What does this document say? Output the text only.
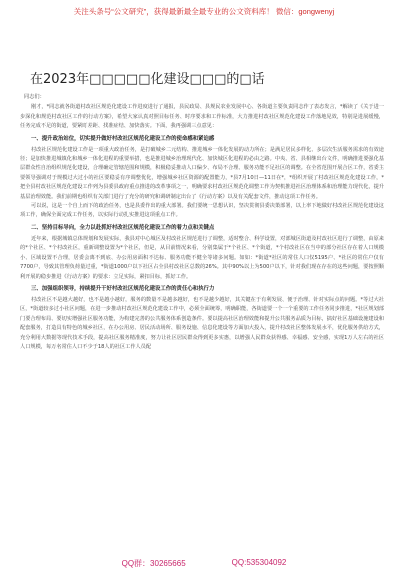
关注头条号“公文研究”，获得最新最全最专业的公文资料库！ 微信：gongwenyj
在2023年□□□□□化建设□□□的□话
同志们：

刚才，*同志就各街道村改社区规范化建设工作进度进行了通报，县民政局、县规民农业发展中心、各街道主要负责同志作了表态发言，*解读了《关于进一步深化和规范村改社区工作的行动方案》，希望大家认真对照目标任务、时序要求和工作标准，大力推进村改社区规范化建设工作落地见效，特别是进展缓慢，任务完成不足的街道，要紧盯差距、找准症结、加快落实。下面，我再强调三点意见：

一、提升政治站位，切实提升做好村改社区规范化建设工作的使命感和紧迫感

村改社区规范化建设工作是一项重大政治任务，是打破城乡二元结构、推进城乡一体化发展的动力所在；是满足居民多样化、多层次生活服务需求的有效途径；是加快推进城镇化和城乡一体化进程的重要举措，也是推进城乡治理现代化、加快城区化进程的必由之路。中央、省、县相继出台文件，明确推进要强化基层群众性自治组织规范化建设，合理确定管辖范围和规模，积极稳妥推动人口偏少、布局不合理、服务功能不足社区的调整。在全省范围开展合区工作，省委主要领导强调对于规模过大过小的社区要稳妥有序调整优化，增强城乡社区资源的配置能力，*县7月10日—11日在*，*组织开展了村改社区规范化建设工作，*把全县村改社区规范化建设工作列为县委县政府重点推进的改革事项之一，明确要求村改社区规范化调整工作为契机推进社区治理体系和治理能力现代化，提升基层治理效能。我们前期也组织有关部门进行了充分的研究和调研制定出台了《行动方案》以及有关配套文件，推动这项工作任务。

可以说，这是一个自上而下的政治任务，也是县委作出的重大部署。我们要统一思想认识，坚决贯彻县委决策部署，以上率下地做好村改社区规范化建设这项工作，确保全面完成工作任务，以实际行动扎实推进这项重点工作。

二、坚持目标导向，全力以赴抓好村改社区规范化建设工作的着力点和关键点

近年来，根据城镇总体规划和发展实际，我县对中心城区及村改社区规范进行了调整，适时整合、科学设置，对部城区街道及村改社区进行了调整，由原来的*个社区、*个村改社区，重新调整设置为*个社区，但是，从目前情况来看，分别集属于*个社区、*个街道，*个村改社区在当中的部分社区存在着人口规模小、区域设置不合理，居委会离不到底、办公用房面积不达标、服务功能不健全等诸多问题。如如：*街道*社区的常住人口仅5195户、*社区的常住户仅有7700户，导致其管理负荷量过重，*街道1000户以下社区占全县村改社区总数的26%。其中90%以上为500户以下，针对我们现在存在的这些问题，要按照顺利开展的稳步推进《行动方案》的要求：立足实际，紧扣目标，抓好工作。

三、加强组织领导，持续提升干好村改社区规范化建设工作的责任心和执行力

村改社区不是越大越好，也不是越小越好，服务的数量不是越多越好，也不是越少越好，其关键在于有利发展、便于治理、针对实际点的问题。*等过大社区，*街道较多过小社区问题，在进一步推动村改社区规范化建设工作中，必须全面统筹，明确职能，各街道要一个一个重要的工作任务同步推进，*社区规划部门要合理布局、要切实增强社区服务功能，为构建完善的公共服务体系创造条件。要以提高社区治理效能和提升公共服务品质为目标，搞好社区基础设施建设和配套服务，打造具有特色的城乡社区，在办公用房、居民活动场所、服务设施、信息化建设等方面加大投入，提升村改社区整体发展水平，优化服务供给方式，充分利用大数据等现代技术手段，提高社区服务精准度，努力让社区居民群众得到更多实惠，以增强人民群众获得感、幸福感、安全感，实现1万人左右的社区人口规模，每万名常住人口不少于18人的社区工作人员配

QQ群：30265665	QQ:535304092
